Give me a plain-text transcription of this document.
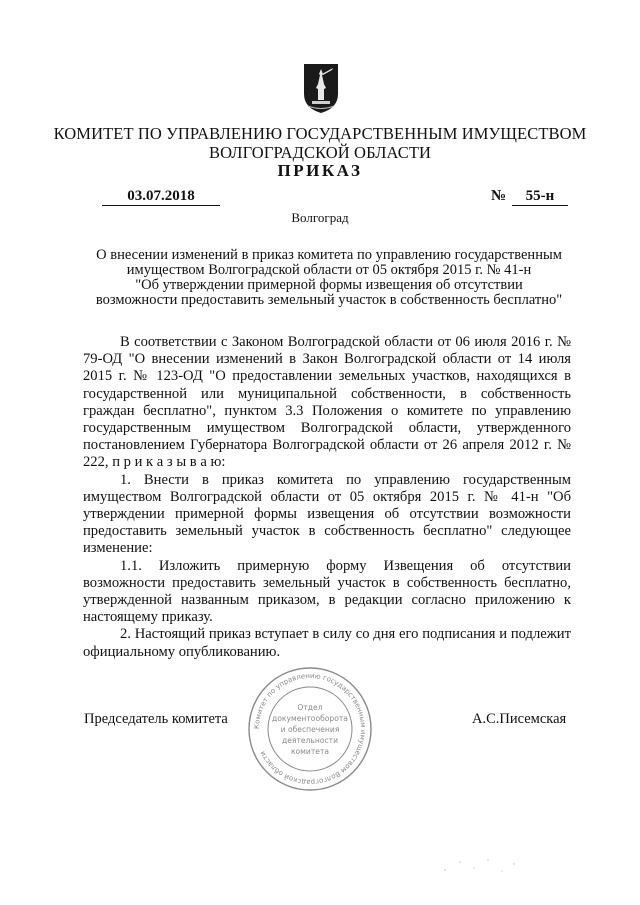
КОМИТЕТ ПО УПРАВЛЕНИЮ ГОСУДАРСТВЕННЫМ ИМУЩЕСТВОМ
ВОЛГОГРАДСКОЙ ОБЛАСТИ
ПРИКАЗ
03.07.2018	№	55-н
Волгоград
О внесении изменений в приказ комитета по управлению государственным
имуществом Волгоградской области от 05 октября 2015 г. № 41-н
"Об утверждении примерной формы извещения об отсутствии
возможности предоставить земельный участок в собственность бесплатно"

В соответствии с Законом Волгоградской области от 06 июля 2016 г. № 79-ОД "О внесении изменений в Закон Волгоградской области от 14 июля 2015 г. № 123-ОД "О предоставлении земельных участков, находящихся в государственной или муниципальной собственности, в собственность граждан бесплатно", пунктом 3.3 Положения о комитете по управлению государственным имуществом Волгоградской области, утвержденного постановлением Губернатора Волгоградской области от 26 апреля 2012 г. № 222, п р и к а з ы в а ю:

1. Внести в приказ комитета по управлению государственным имуществом Волгоградской области от 05 октября 2015 г. № 41-н "Об утверждении примерной формы извещения об отсутствии возможности предоставить земельный участок в собственность бесплатно" следующее изменение:

1.1. Изложить примерную форму Извещения об отсутствии возможности предоставить земельный участок в собственность бесплатно, утвержденной названным приказом, в редакции согласно приложению к настоящему приказу.

2. Настоящий приказ вступает в силу со дня его подписания и подлежит официальному опубликованию.

Председатель комитета	Комитет по управлению государственным имуществом Волгоградской области
Отдел
документооборота
и обеспечения
деятельности
комитета
А.С.Писемская
